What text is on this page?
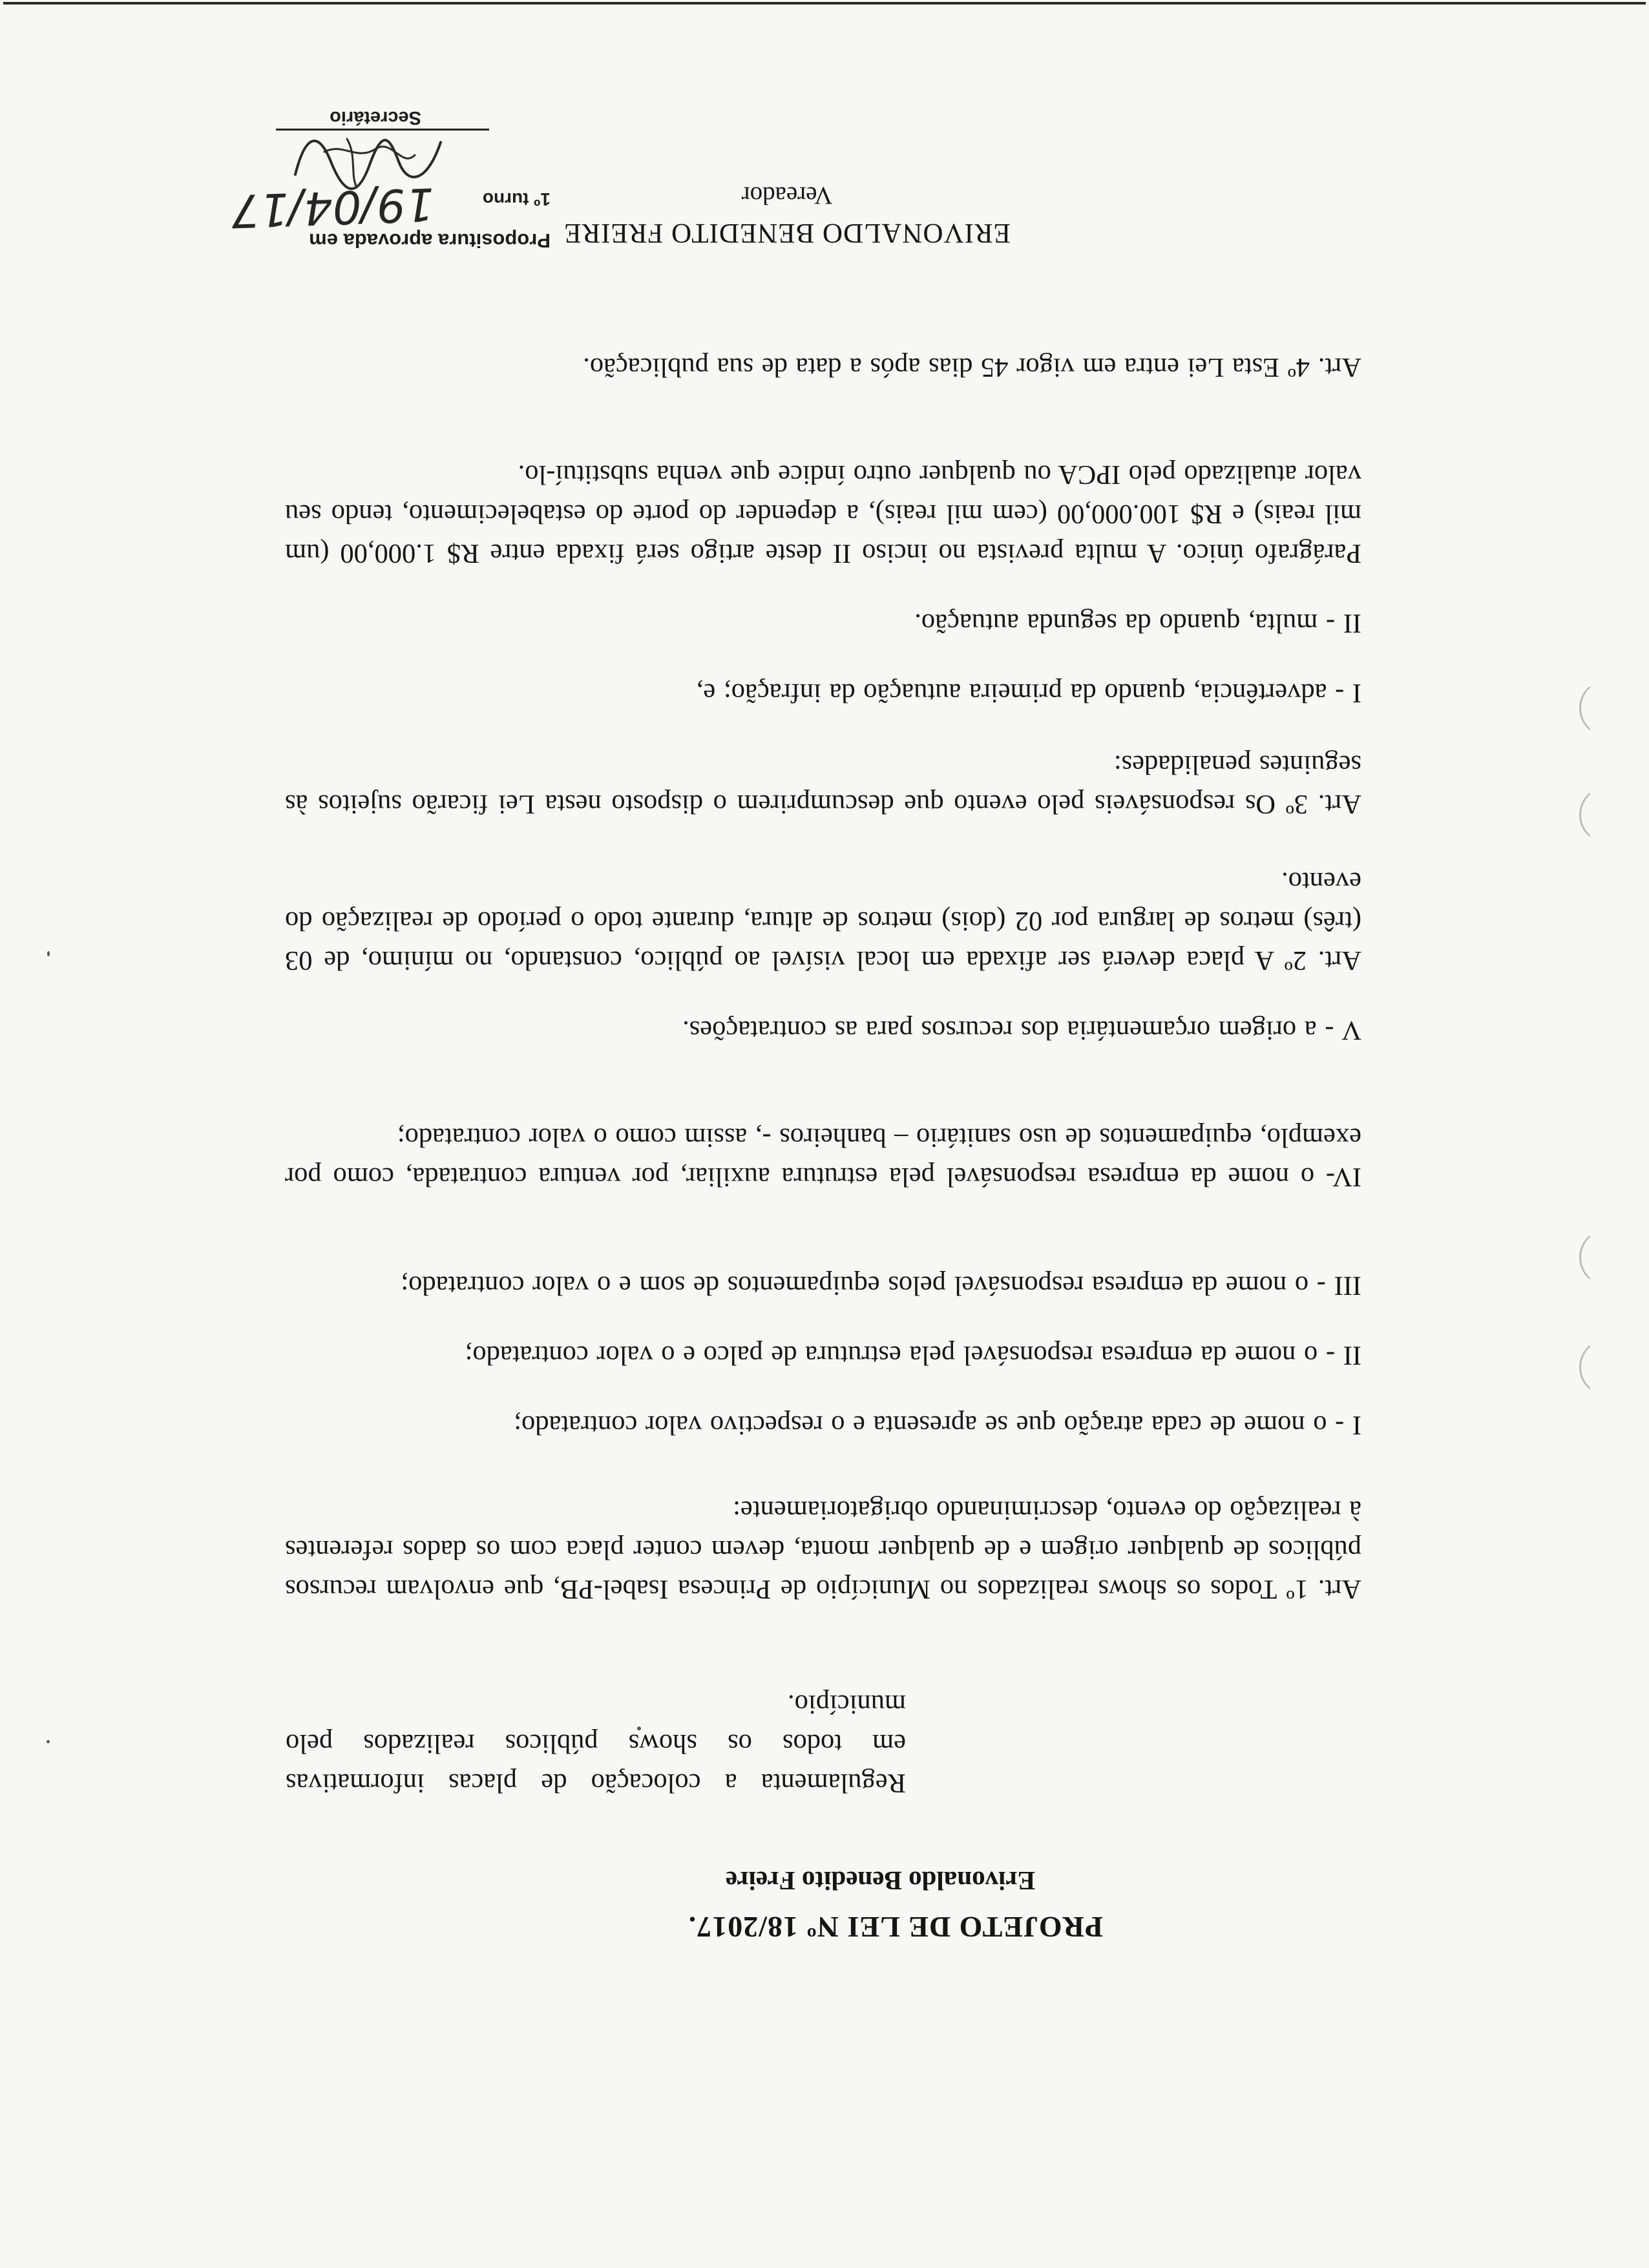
PROJETO DE LEI Nº 18/2017.

Erivonaldo Benedito Freire

Regulamenta a colocação de placas informativas em todos os shows públicos realizados pelo município.

Art. 1º Todos os shows realizados no Município de Princesa Isabel-PB, que envolvam recursos públicos de qualquer origem e de qualquer monta, devem conter placa com os dados referentes à realização do evento, descriminando obrigatoriamente:

I - o nome de cada atração que se apresenta e o respectivo valor contratado;

II - o nome da empresa responsável pela estrutura de palco e o valor contratado;

III - o nome da empresa responsável pelos equipamentos de som e o valor contratado;

IV- o nome da empresa responsável pela estrutura auxiliar, por ventura contratada, como por exemplo, equipamentos de uso sanitário – banheiros -, assim como o valor contratado;

V - a origem orçamentária dos recursos para as contratações.

Art. 2º A placa deverá ser afixada em local visível ao público, constando, no mínimo, de 03 (três) metros de largura por 02 (dois) metros de altura, durante todo o período de realização do evento.

Art. 3º Os responsáveis pelo evento que descumprirem o disposto nesta Lei ficarão sujeitos às seguintes penalidades:

I - advertência, quando da primeira autuação da infração; e,

II - multa, quando da segunda autuação.

Parágrafo único. A multa prevista no inciso II deste artigo será fixada entre R$ 1.000,00 (um mil reais) e R$ 100.000,00 (cem mil reais), a depender do porte do estabelecimento, tendo seu valor atualizado pelo IPCA ou qualquer outro índice que venha substituí-lo.

Art. 4º Esta Lei entra em vigor 45 dias após a data de sua publicação.

ERIVONALDO BENEDITO FREIRE

Vereador

Propositura aprovada em

1º turno

19/04/17

Secretário
